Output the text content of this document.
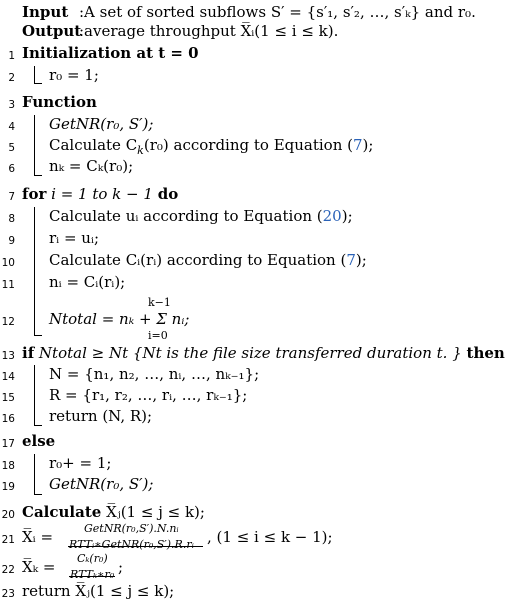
Input :A set of sorted subflows S′ = {s′₁, s′₂, …, s′ₖ} and r₀.
Output
:average throughput X̅ᵢ(1 ≤ i ≤ k).
1 Initialization at t = 0
2 r₀ = 1;
3 Function
4 GetNR(r₀, S′);
5 Calculate $C_k(r_0)$ according to Equation (7);
6 nₖ = Cₖ(r₀);
7 for i = 1 to k − 1 do
8 Calculate uᵢ according to Equation (20);
9 rᵢ = uᵢ;
10 Calculate Cᵢ(rᵢ) according to Equation (7);
11 nᵢ = Cᵢ(rᵢ);
12
k−1
Ntotal = nₖ + Σ nᵢ;
i=0
13 if Ntotal ≥ Nt {Nt is the file size transferred duration t. } then
14 N = {n₁, n₂, …, nᵢ, …, nₖ₋₁};
15 R = {r₁, r₂, …, rᵢ, …, rₖ₋₁};
16 return (N, R);
17 else
18 r₀+ = 1;
19 GetNR(r₀, S′);
20 Calculate X̅ⱼ(1 ≤ j ≤ k);
21 X̅ᵢ =	GetNR(r₀,S′).N.nᵢ
RTTᵢ∗GetNR(r₀,S′).R.rᵢ , (1 ≤ i ≤ k − 1);
22 X̅ₖ = Cₖ(r₀)
RTTₖ∗r₀ ;
23 return X̅ⱼ(1 ≤ j ≤ k);
